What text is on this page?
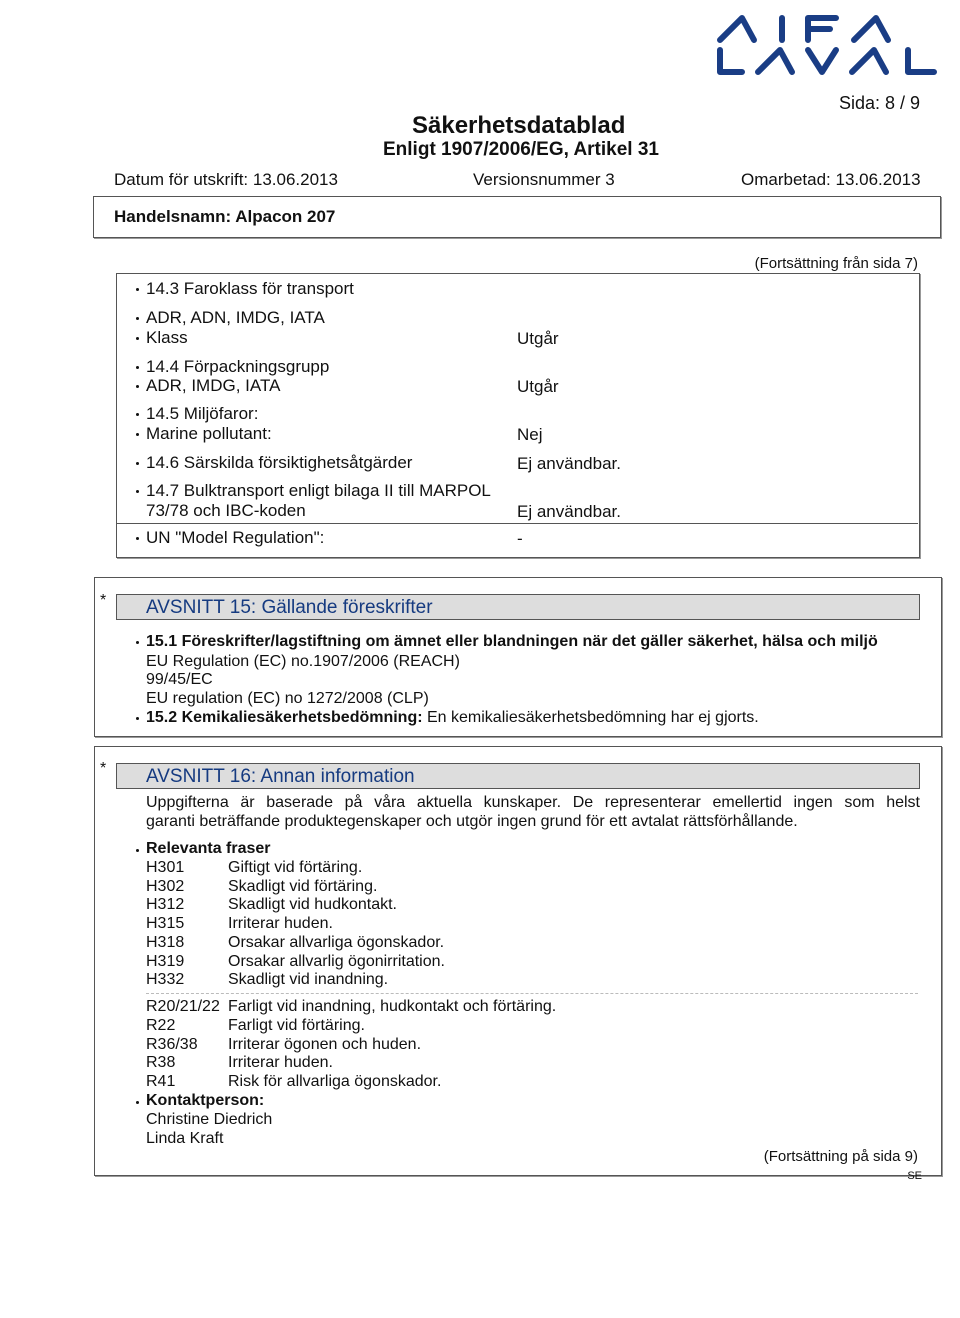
Sida: 8 / 9
Säkerhetsdatablad
Enligt 1907/2006/EG, Artikel 31
Datum för utskrift: 13.06.2013	Versionsnummer 3	Omarbetad: 13.06.2013
Handelsnamn: Alpacon 207
(Fortsättning från sida 7)
14.3 Faroklass för transport
ADR, ADN, IMDG, IATA
Klass	Utgår
14.4 Förpackningsgrupp
ADR, IMDG, IATA	Utgår
14.5 Miljöfaror:
Marine pollutant:	Nej
14.6 Särskilda försiktighetsåtgärder	Ej användbar.
14.7 Bulktransport enligt bilaga II till MARPOL
73/78 och IBC-koden	Ej användbar.
UN "Model Regulation":	-
* AVSNITT 15: Gällande föreskrifter
15.1 Föreskrifter/lagstiftning om ämnet eller blandningen när det gäller säkerhet, hälsa och miljö
EU Regulation (EC) no.1907/2006 (REACH)
99/45/EC
EU regulation (EC) no 1272/2008 (CLP)
15.2 Kemikaliesäkerhetsbedömning: En kemikaliesäkerhetsbedömning har ej gjorts.
* AVSNITT 16: Annan information
Uppgifterna är baserade på våra aktuella kunskaper. De representerar emellertid ingen som helst
garanti beträffande produktegenskaper och utgör ingen grund för ett avtalat rättsförhållande.
Relevanta fraser
H301	Giftigt vid förtäring.
H302	Skadligt vid förtäring.
H312	Skadligt vid hudkontakt.
H315	Irriterar huden.
H318	Orsakar allvarliga ögonskador.
H319	Orsakar allvarlig ögonirritation.
H332	Skadligt vid inandning.
R20/21/22 Farligt vid inandning, hudkontakt och förtäring.
R22	Farligt vid förtäring.
R36/38 Irriterar ögonen och huden.
R38	Irriterar huden.
R41	Risk för allvarliga ögonskador.
Kontaktperson:
Christine Diedrich
Linda Kraft
(Fortsättning på sida 9)
SE
